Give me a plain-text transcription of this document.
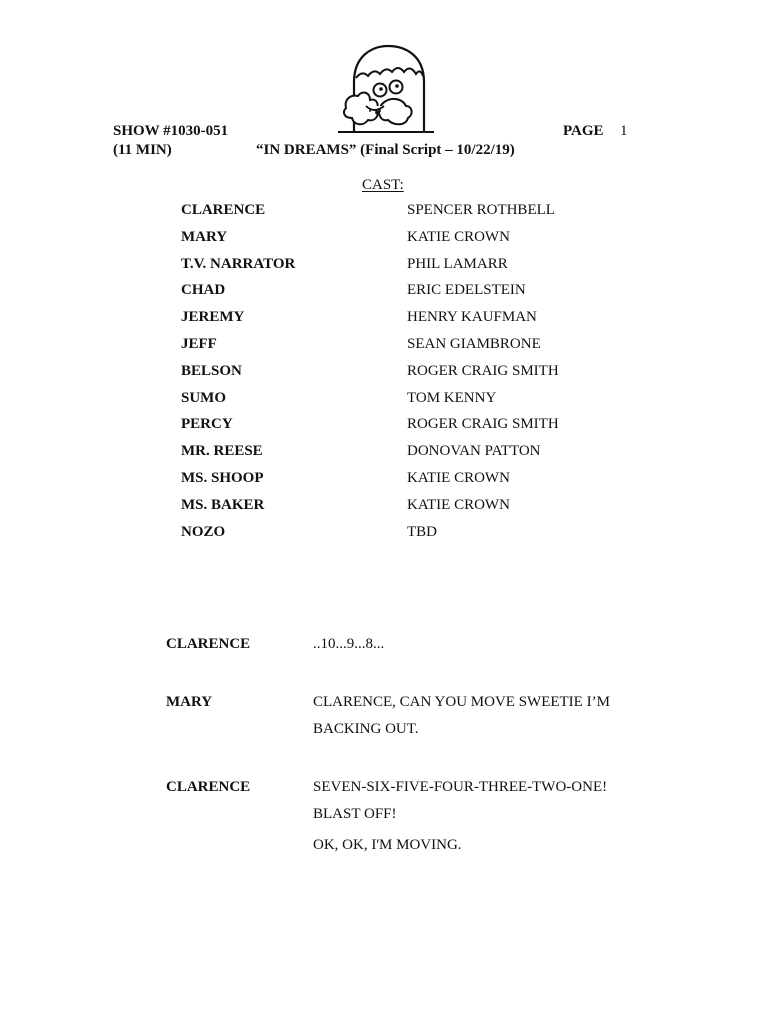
SHOW #1030-051	PAGE 1
(11 MIN)	“IN DREAMS” (Final Script – 10/22/19)
CAST:
CLARENCE	SPENCER ROTHBELL
MARY	KATIE CROWN
T.V. NARRATOR	PHIL LAMARR
CHAD	ERIC EDELSTEIN
JEREMY	HENRY KAUFMAN
JEFF	SEAN GIAMBRONE
BELSON	ROGER CRAIG SMITH
SUMO	TOM KENNY
PERCY	ROGER CRAIG SMITH
MR. REESE	DONOVAN PATTON
MS. SHOOP	KATIE CROWN
MS. BAKER	KATIE CROWN
NOZO	TBD
CLARENCE	..10...9...8...
MARY	CLARENCE, CAN YOU MOVE SWEETIE I’M
BACKING OUT.
CLARENCE	SEVEN-SIX-FIVE-FOUR-THREE-TWO-ONE!
BLAST OFF!
OK, OK, I'M MOVING.
